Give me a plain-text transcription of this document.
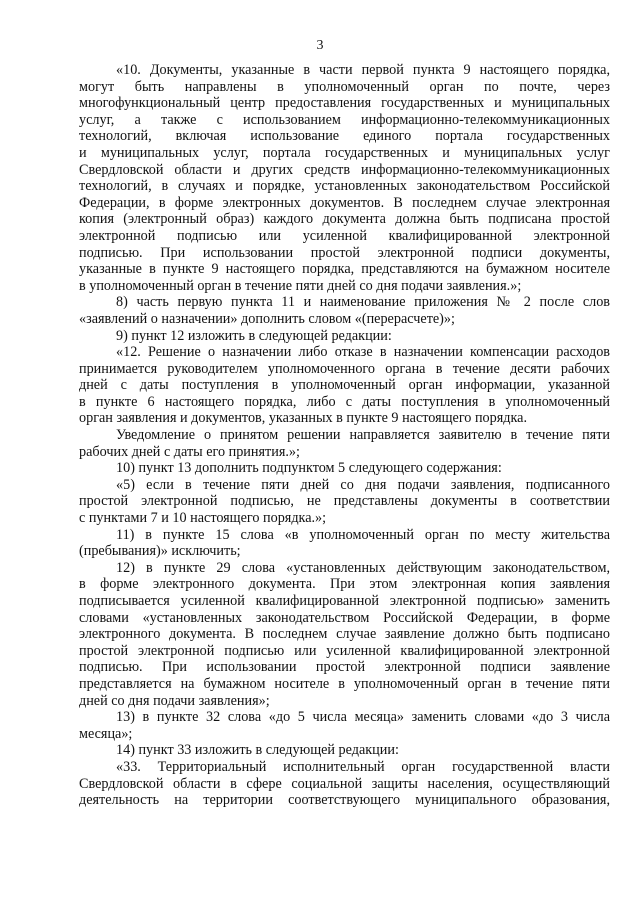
3
«10. Документы, указанные в части первой пункта 9 настоящего порядка,
могут быть направлены в уполномоченный орган по почте, через
многофункциональный центр предоставления государственных и муниципальных
услуг, а также с использованием информационно-телекоммуникационных
технологий, включая использование единого портала государственных
и муниципальных услуг, портала государственных и муниципальных услуг
Свердловской области и других средств информационно-телекоммуникационных
технологий, в случаях и порядке, установленных законодательством Российской
Федерации, в форме электронных документов. В последнем случае электронная
копия (электронный образ) каждого документа должна быть подписана простой
электронной подписью или усиленной квалифицированной электронной
подписью. При использовании простой электронной подписи документы,
указанные в пункте 9 настоящего порядка, представляются на бумажном носителе
в уполномоченный орган в течение пяти дней со дня подачи заявления.»;
8) часть первую пункта 11 и наименование приложения № 2 после слов
«заявлений о назначении» дополнить словом «(перерасчете)»;
9) пункт 12 изложить в следующей редакции:
«12. Решение о назначении либо отказе в назначении компенсации расходов
принимается руководителем уполномоченного органа в течение десяти рабочих
дней с даты поступления в уполномоченный орган информации, указанной
в пункте 6 настоящего порядка, либо с даты поступления в уполномоченный
орган заявления и документов, указанных в пункте 9 настоящего порядка.
Уведомление о принятом решении направляется заявителю в течение пяти
рабочих дней с даты его принятия.»;
10) пункт 13 дополнить подпунктом 5 следующего содержания:
«5) если в течение пяти дней со дня подачи заявления, подписанного
простой электронной подписью, не представлены документы в соответствии
с пунктами 7 и 10 настоящего порядка.»;
11) в пункте 15 слова «в уполномоченный орган по месту жительства
(пребывания)» исключить;
12) в пункте 29 слова «установленных действующим законодательством,
в форме электронного документа. При этом электронная копия заявления
подписывается усиленной квалифицированной электронной подписью» заменить
словами «установленных законодательством Российской Федерации, в форме
электронного документа. В последнем случае заявление должно быть подписано
простой электронной подписью или усиленной квалифицированной электронной
подписью. При использовании простой электронной подписи заявление
представляется на бумажном носителе в уполномоченный орган в течение пяти
дней со дня подачи заявления»;
13) в пункте 32 слова «до 5 числа месяца» заменить словами «до 3 числа
месяца»;
14) пункт 33 изложить в следующей редакции:
«33. Территориальный исполнительный орган государственной власти
Свердловской области в сфере социальной защиты населения, осуществляющий
деятельность на территории соответствующего муниципального образования,
